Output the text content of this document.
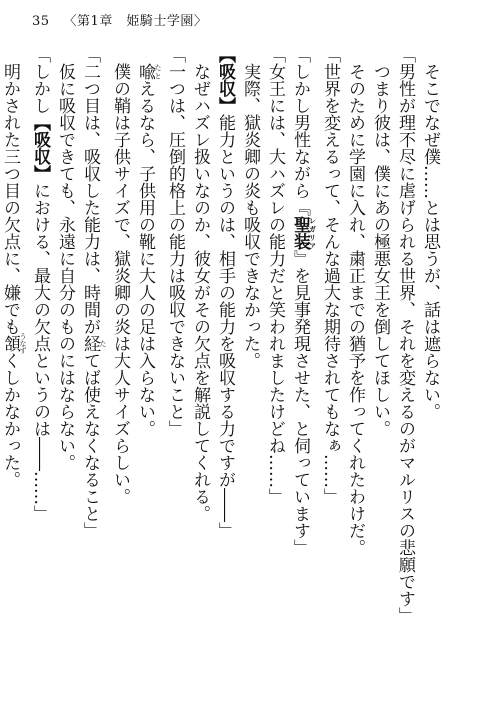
35 〈第1章　姫騎士学園〉

そこでなぜ僕……とは思うが、話は遮らない。

「男性が理不尽に虐げられる世界、それを変えるのがマルリスの悲願です」

つまり彼は、僕にあの極悪女王を倒してほしい。

そのために学園に入れ、粛正までの猶予を作ってくれたわけだ。

「世界を変えるって、そんな過大な期待されてもなぁ……」

「しかし男性ながら『聖装レガリア』を見事発現させた、と伺っています」

「女王には、大ハズレの能力だと笑われましたけどね……」

実際、獄炎卿の炎も吸収できなかった。

【吸収】能力というのは、相手の能力を吸収する力ですが――」

なぜハズレ扱いなのか、彼女がその欠点を解説してくれる。

「一つは、圧倒的格上の能力は吸収できないこと」

喩 たとえるなら、子供用の靴に大人の足は入らない。

僕の鞘は子供サイズで、獄炎卿の炎は大人サイズらしい。

「二つ目は、吸収した能力は、時間が経 たてば使えなくなること」

仮に吸収できても、永遠に自分のものにはならない。

「しかし【吸収】における、最大の欠点というのは――……」

明かされた三つ目の欠点に、嫌でも頷 うなずくしかなかった。
